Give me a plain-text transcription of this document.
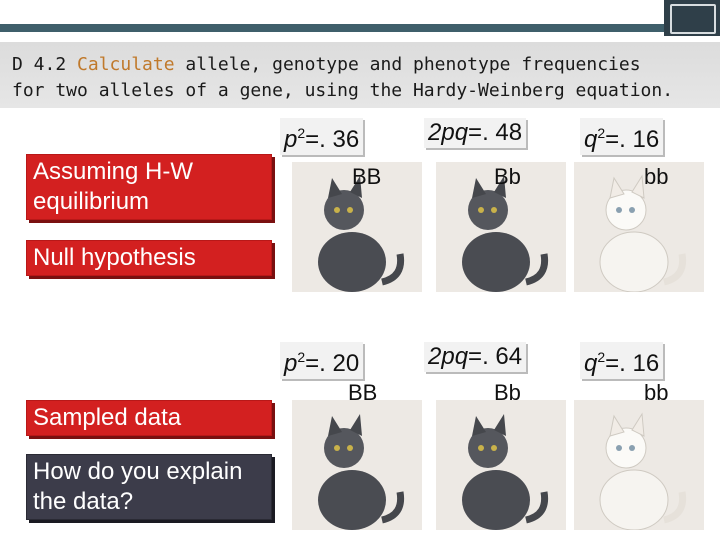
D 4.2 Calculate allele, genotype and phenotype frequencies
for two alleles of a gene, using the Hardy-Weinberg equation.
Assuming H-W equilibrium
Null hypothesis
Sampled data
How do you explain the data?
$p^2=$. 36	2pq=. 48	$q^2=$. 16
BB	Bb	bb
$p^2=$. 20	2pq=. 64	$q^2=$. 16
BB	Bb	bb
